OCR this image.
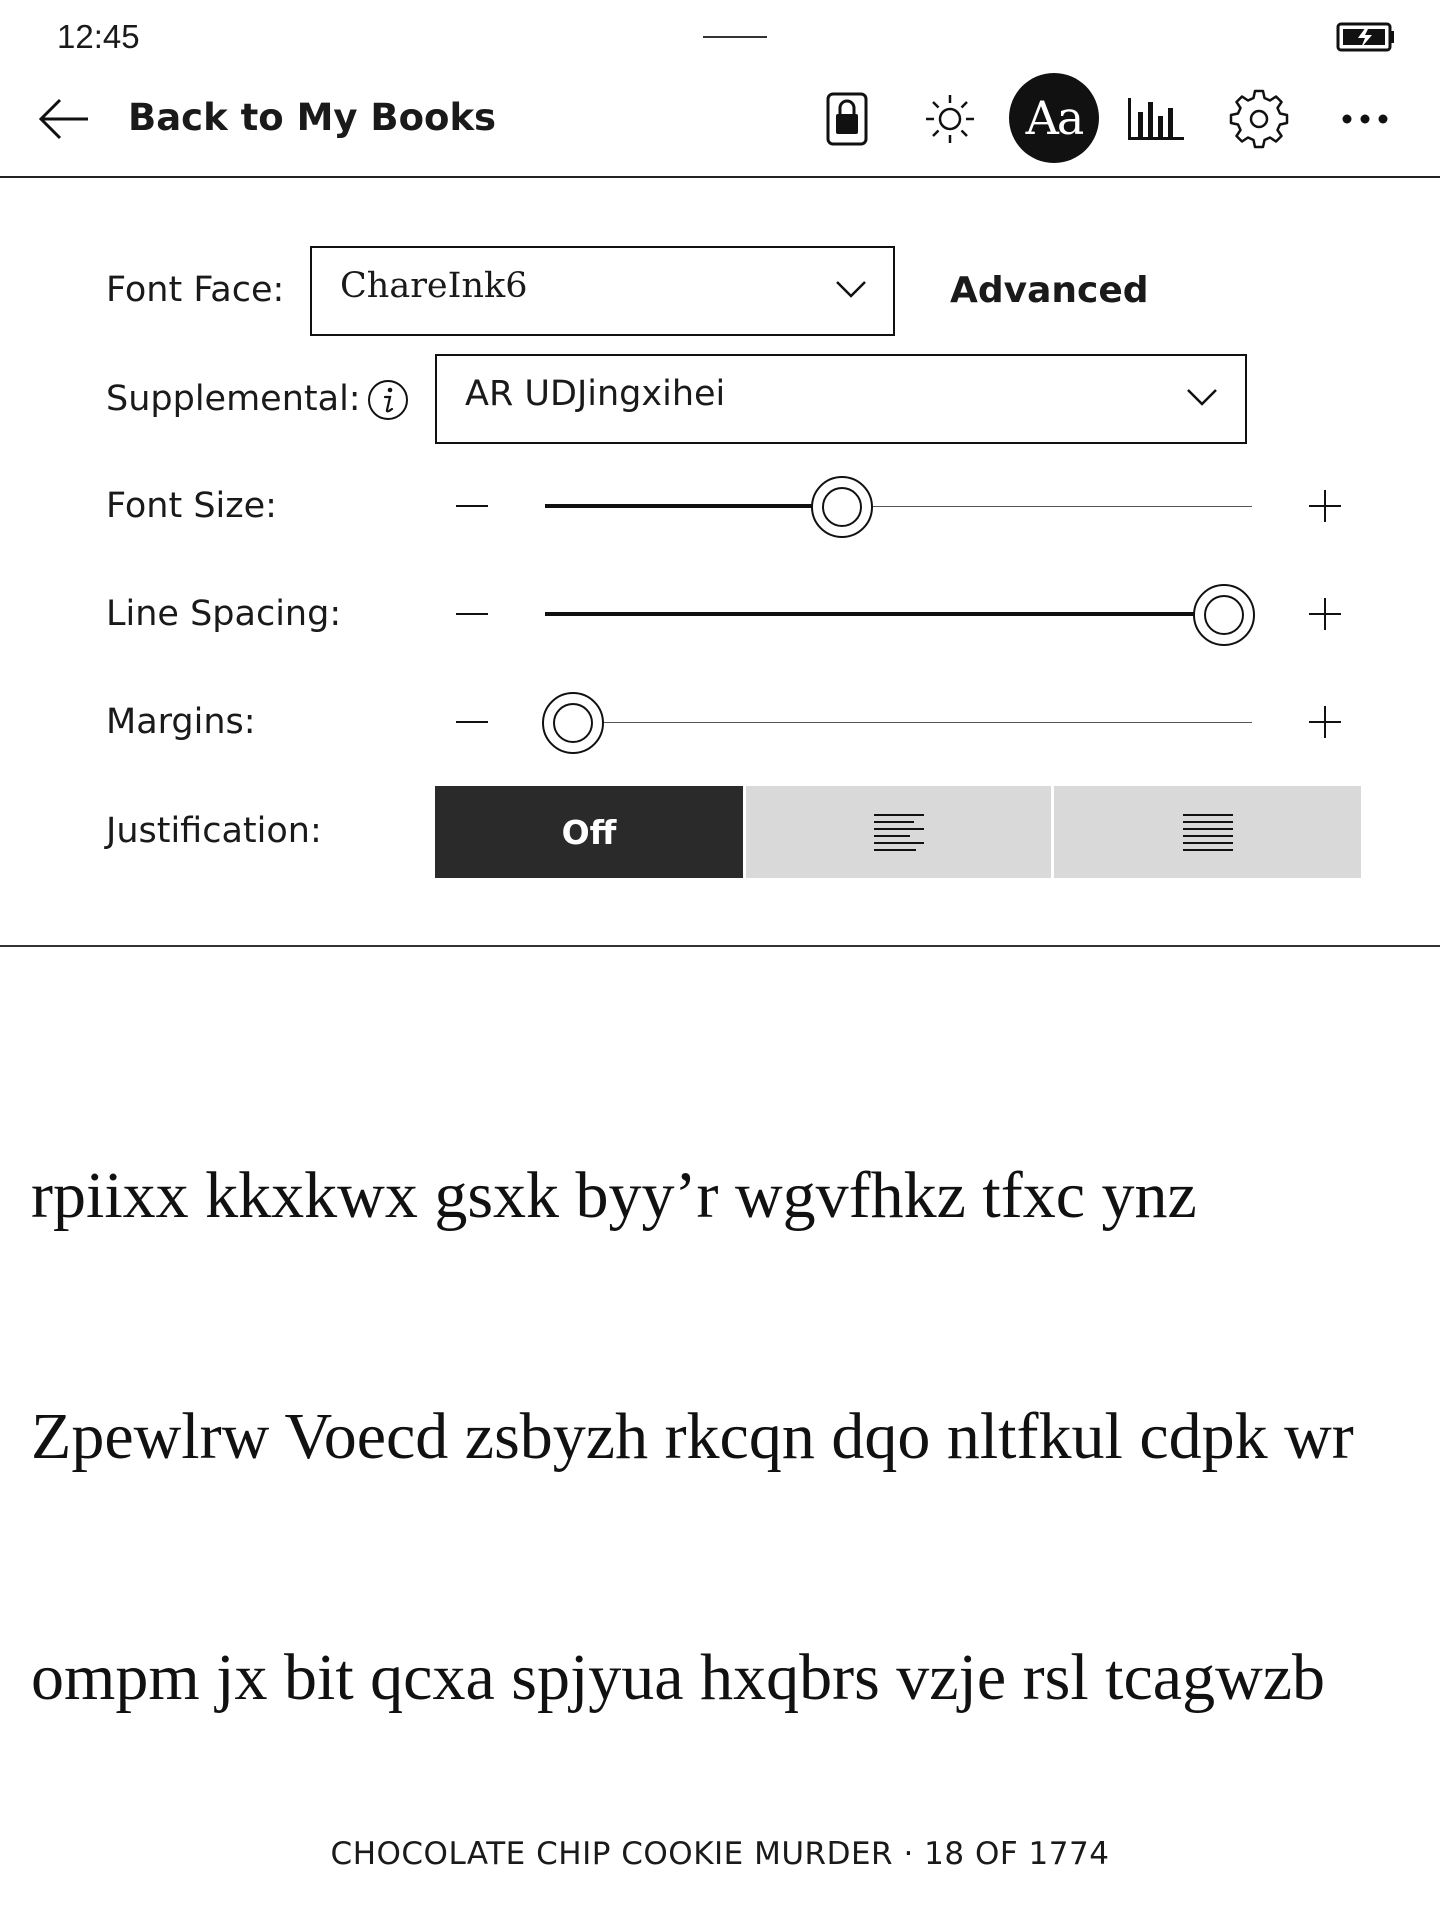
12:45
Back to My Books	Aa
Font Face: ChareInk6	Advanced
Supplemental:	AR UDJingxihei
Font Size:
Line Spacing:
Margins:
Justification:	Off
rpiixx kkxkwx gsxk byy’r wgvfhkz tfxc ynz
Zpewlrw Voecd zsbyzh rkcqn dqo nltfkul cdpk wr
ompm jx bit qcxa spjyua hxqbrs vzje rsl tcagwzb
CHOCOLATE CHIP COOKIE MURDER · 18 OF 1774
